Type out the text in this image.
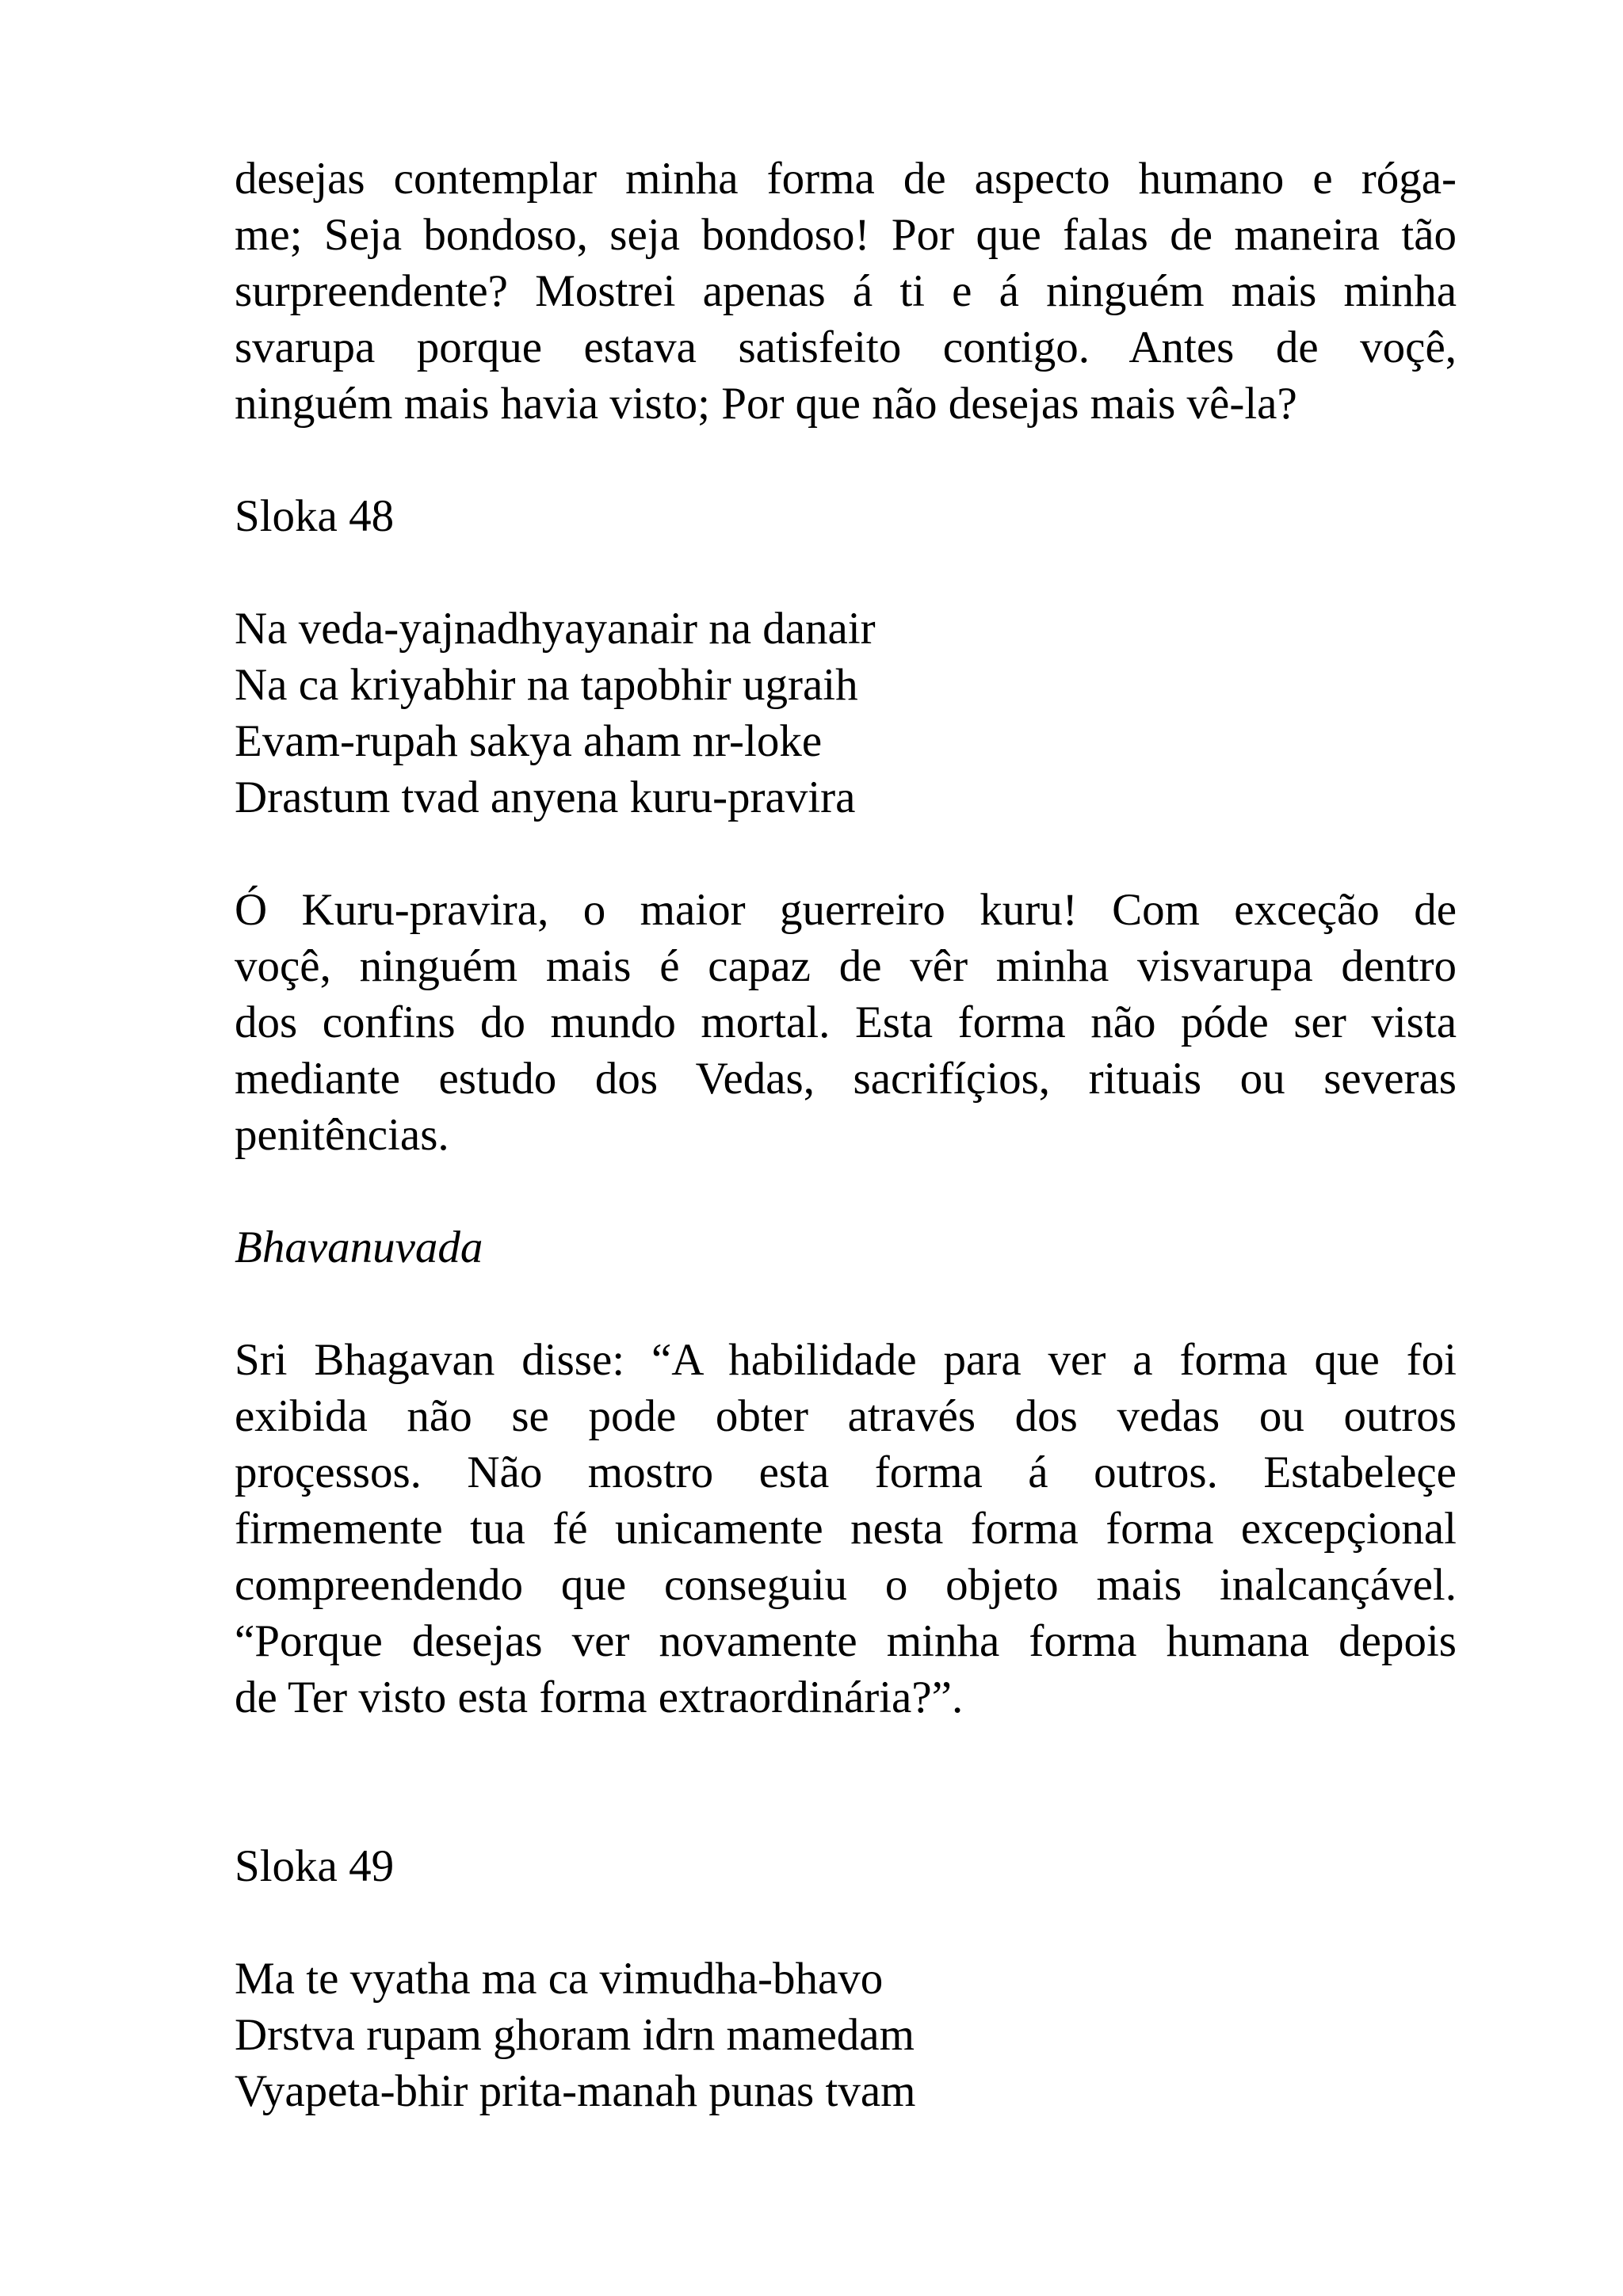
desejas contemplar minha forma de aspecto humano e róga-
me; Seja bondoso, seja bondoso! Por que falas de maneira tão
surpreendente? Mostrei apenas á ti e á ninguém mais minha
svarupa porque estava satisfeito contigo. Antes de voçê,
ninguém mais havia visto; Por que não desejas mais vê-la?

Sloka 48

Na veda-yajnadhyayanair na danair
Na ca kriyabhir na tapobhir ugraih
Evam-rupah sakya aham nr-loke
Drastum tvad anyena kuru-pravira

Ó Kuru-pravira, o maior guerreiro kuru! Com exceção de
voçê, ninguém mais é capaz de vêr minha visvarupa dentro
dos confins do mundo mortal. Esta forma não póde ser vista
mediante estudo dos Vedas, sacrifíçios, rituais ou severas
penitências.

Bhavanuvada

Sri Bhagavan disse: “A habilidade para ver a forma que foi
exibida não se pode obter através dos vedas ou outros
proçessos. Não mostro esta forma á outros. Estabeleçe
firmemente tua fé unicamente nesta forma forma excepçional
compreendendo que conseguiu o objeto mais inalcançável.
“Porque desejas ver novamente minha forma humana depois
de Ter visto esta forma extraordinária?”.

Sloka 49

Ma te vyatha ma ca vimudha-bhavo
Drstva rupam ghoram idrn mamedam
Vyapeta-bhir prita-manah punas tvam
